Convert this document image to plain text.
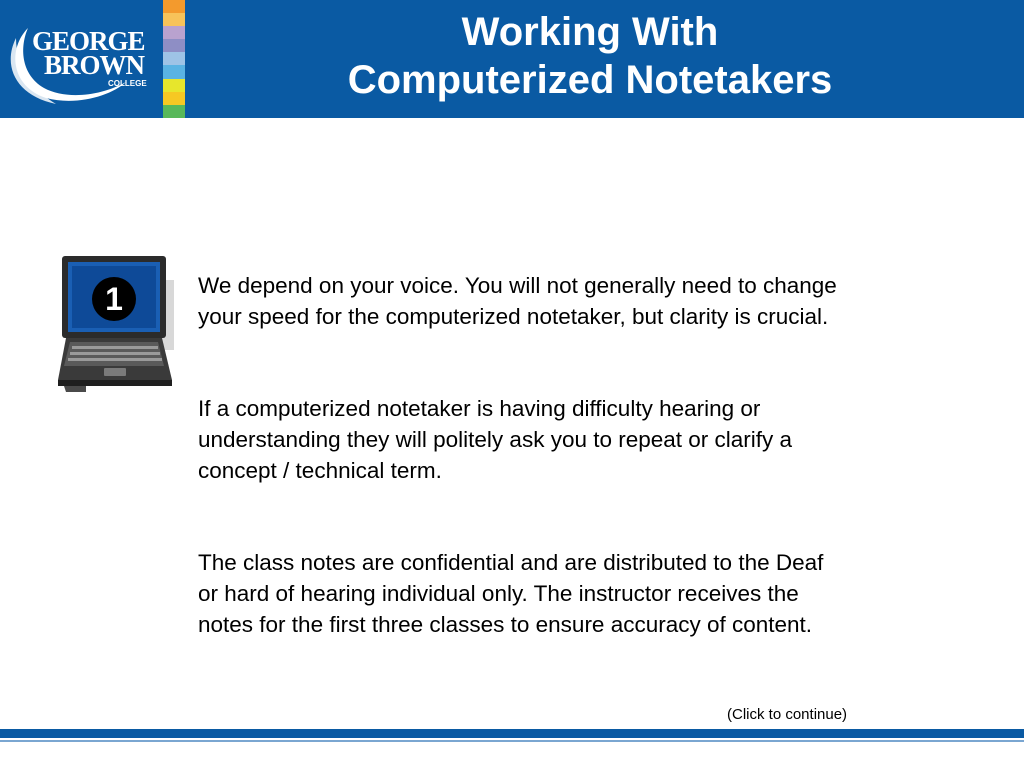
GEORGE
BROWN
COLLEGE
Working With
Computerized Notetakers
1	We depend on your voice. You will not generally need to change
your speed for the computerized notetaker, but clarity is crucial.
If a computerized notetaker is having difficulty hearing or
understanding they will politely ask you to repeat or clarify a
concept / technical term.
The class notes are confidential and are distributed to the Deaf
or hard of hearing individual only. The instructor receives the
notes for the first three classes to ensure accuracy of content.
(Click to continue)
